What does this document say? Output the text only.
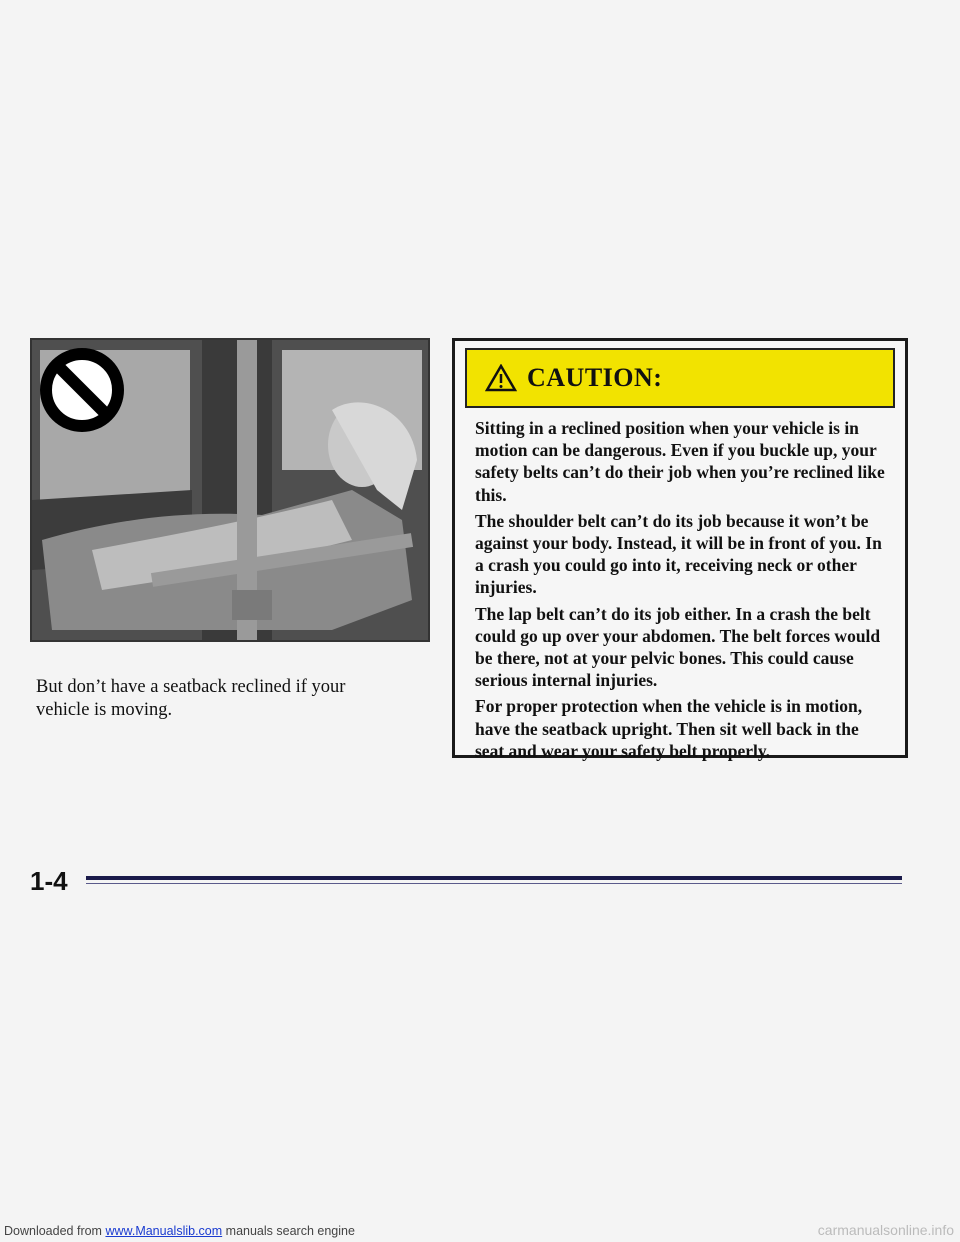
But don’t have a seatback reclined if your vehicle is moving.
CAUTION:

Sitting in a reclined position when your vehicle is in motion can be dangerous. Even if you buckle up, your safety belts can’t do their job when you’re reclined like this.

The shoulder belt can’t do its job because it won’t be against your body. Instead, it will be in front of you. In a crash you could go into it, receiving neck or other injuries.

The lap belt can’t do its job either. In a crash the belt could go up over your abdomen. The belt forces would be there, not at your pelvic bones. This could cause serious internal injuries.

For proper protection when the vehicle is in motion, have the seatback upright. Then sit well back in the seat and wear your safety belt properly.

1-4
Downloaded from www.Manualslib.com manuals search engine	carmanualsonline.info
